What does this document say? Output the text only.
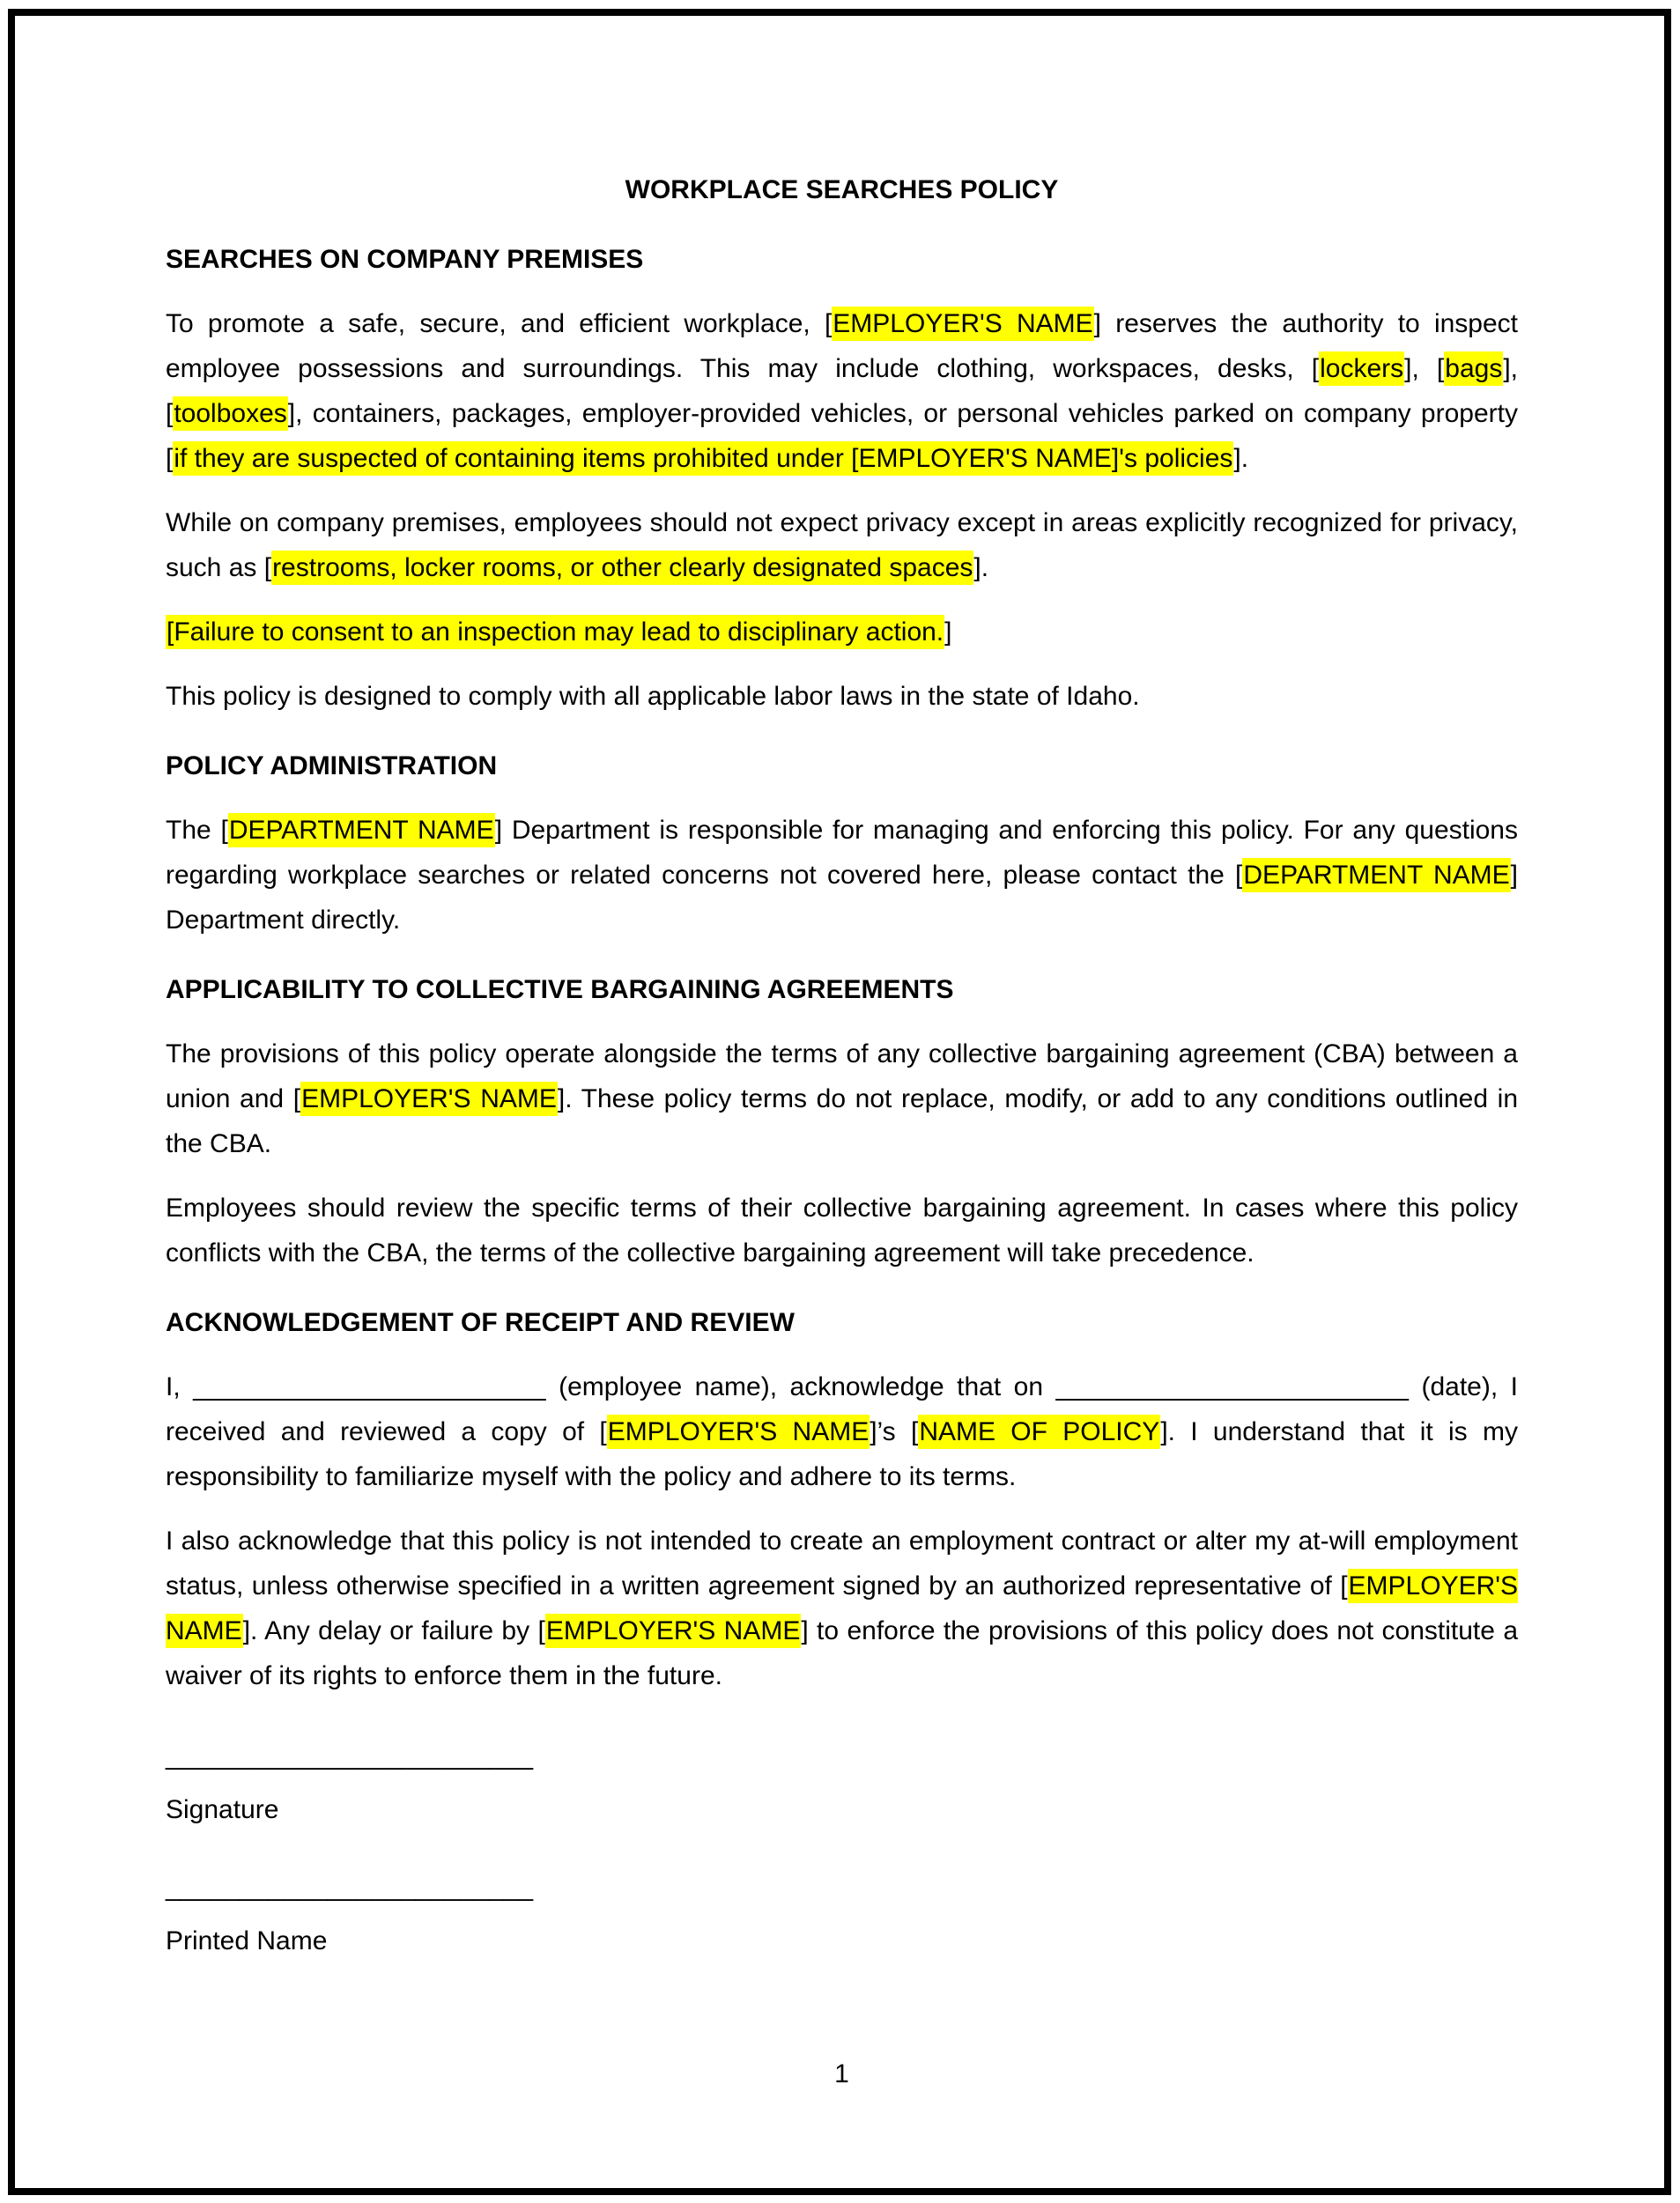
WORKPLACE SEARCHES POLICY
SEARCHES ON COMPANY PREMISES

To promote a safe, secure, and efficient workplace, [EMPLOYER'S NAME] reserves the authority to inspect employee possessions and surroundings. This may include clothing, workspaces, desks, [lockers], [bags], [toolboxes], containers, packages, employer-provided vehicles, or personal vehicles parked on company property [if they are suspected of containing items prohibited under [EMPLOYER'S NAME]'s policies].

While on company premises, employees should not expect privacy except in areas explicitly recognized for privacy, such as [restrooms, locker rooms, or other clearly designated spaces].

[Failure to consent to an inspection may lead to disciplinary action.]

This policy is designed to comply with all applicable labor laws in the state of Idaho.

POLICY ADMINISTRATION

The [DEPARTMENT NAME] Department is responsible for managing and enforcing this policy. For any questions regarding workplace searches or related concerns not covered here, please contact the [DEPARTMENT NAME] Department directly.

APPLICABILITY TO COLLECTIVE BARGAINING AGREEMENTS

The provisions of this policy operate alongside the terms of any collective bargaining agreement (CBA) between a union and [EMPLOYER'S NAME]. These policy terms do not replace, modify, or add to any conditions outlined in the CBA.

Employees should review the specific terms of their collective bargaining agreement. In cases where this policy conflicts with the CBA, the terms of the collective bargaining agreement will take precedence.

ACKNOWLEDGEMENT OF RECEIPT AND REVIEW

I, ________________________ (employee name), acknowledge that on ________________________ (date), I received and reviewed a copy of [EMPLOYER'S NAME]’s [NAME OF POLICY]. I understand that it is my responsibility to familiarize myself with the policy and adhere to its terms.

I also acknowledge that this policy is not intended to create an employment contract or alter my at-will employment status, unless otherwise specified in a written agreement signed by an authorized representative of [EMPLOYER'S NAME]. Any delay or failure by [EMPLOYER'S NAME] to enforce the provisions of this policy does not constitute a waiver of its rights to enforce them in the future.

_________________________

Signature

_________________________

Printed Name

1
